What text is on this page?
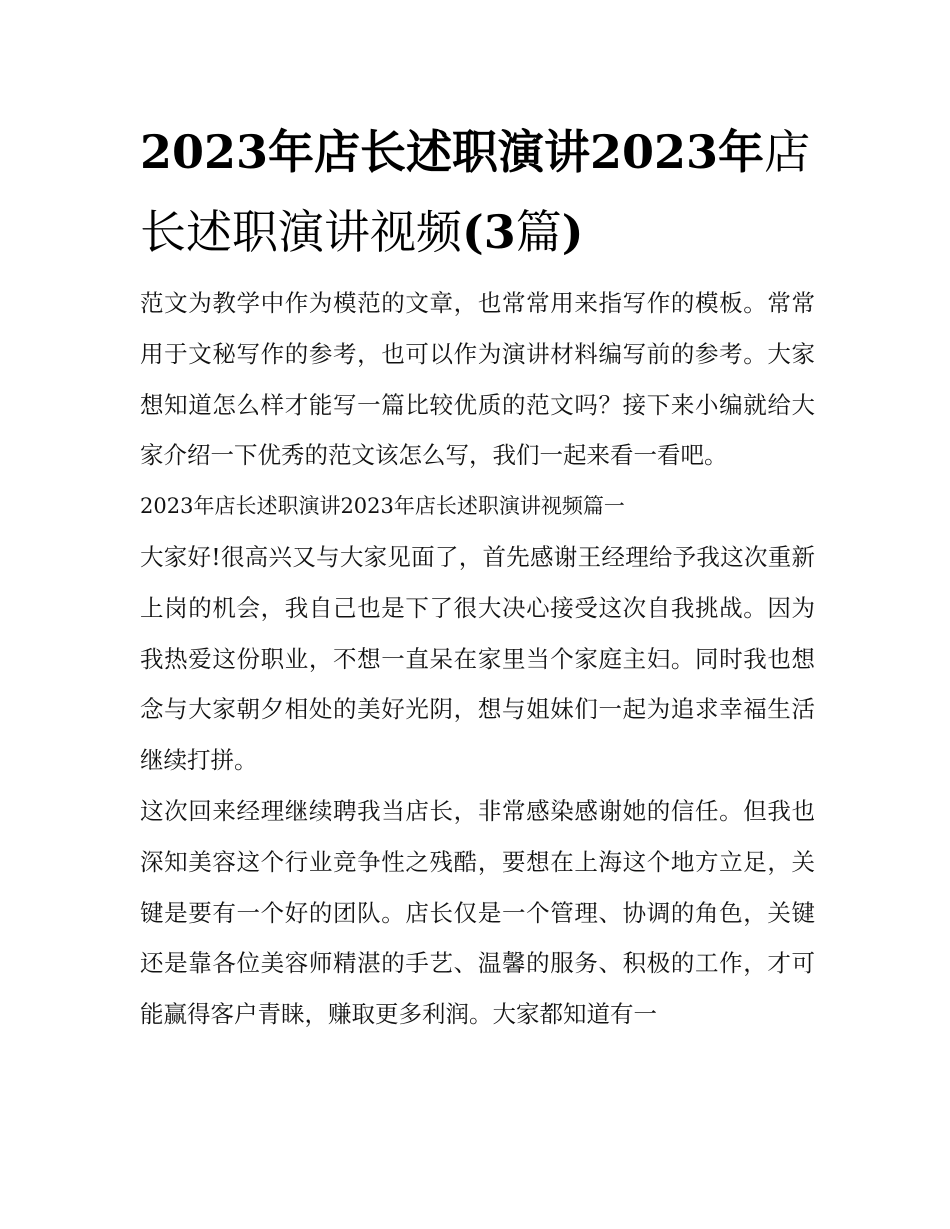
2023年店长述职演讲2023年店长述职演讲视频(3篇)

范文为教学中作为模范的文章，也常常用来指写作的模板。常常用于文秘写作的参考，也可以作为演讲材料编写前的参考。大家想知道怎么样才能写一篇比较优质的范文吗？接下来小编就给大家介绍一下优秀的范文该怎么写，我们一起来看一看吧。

2023年店长述职演讲2023年店长述职演讲视频篇一

大家好!很高兴又与大家见面了，首先感谢王经理给予我这次重新上岗的机会，我自己也是下了很大决心接受这次自我挑战。因为我热爱这份职业，不想一直呆在家里当个家庭主妇。同时我也想念与大家朝夕相处的美好光阴，想与姐妹们一起为追求幸福生活继续打拼。

这次回来经理继续聘我当店长，非常感染感谢她的信任。但我也深知美容这个行业竞争性之残酷，要想在上海这个地方立足，关键是要有一个好的团队。店长仅是一个管理、协调的角色，关键还是靠各位美容师精湛的手艺、温馨的服务、积极的工作，才可能赢得客户青睐，赚取更多利润。大家都知道有一
